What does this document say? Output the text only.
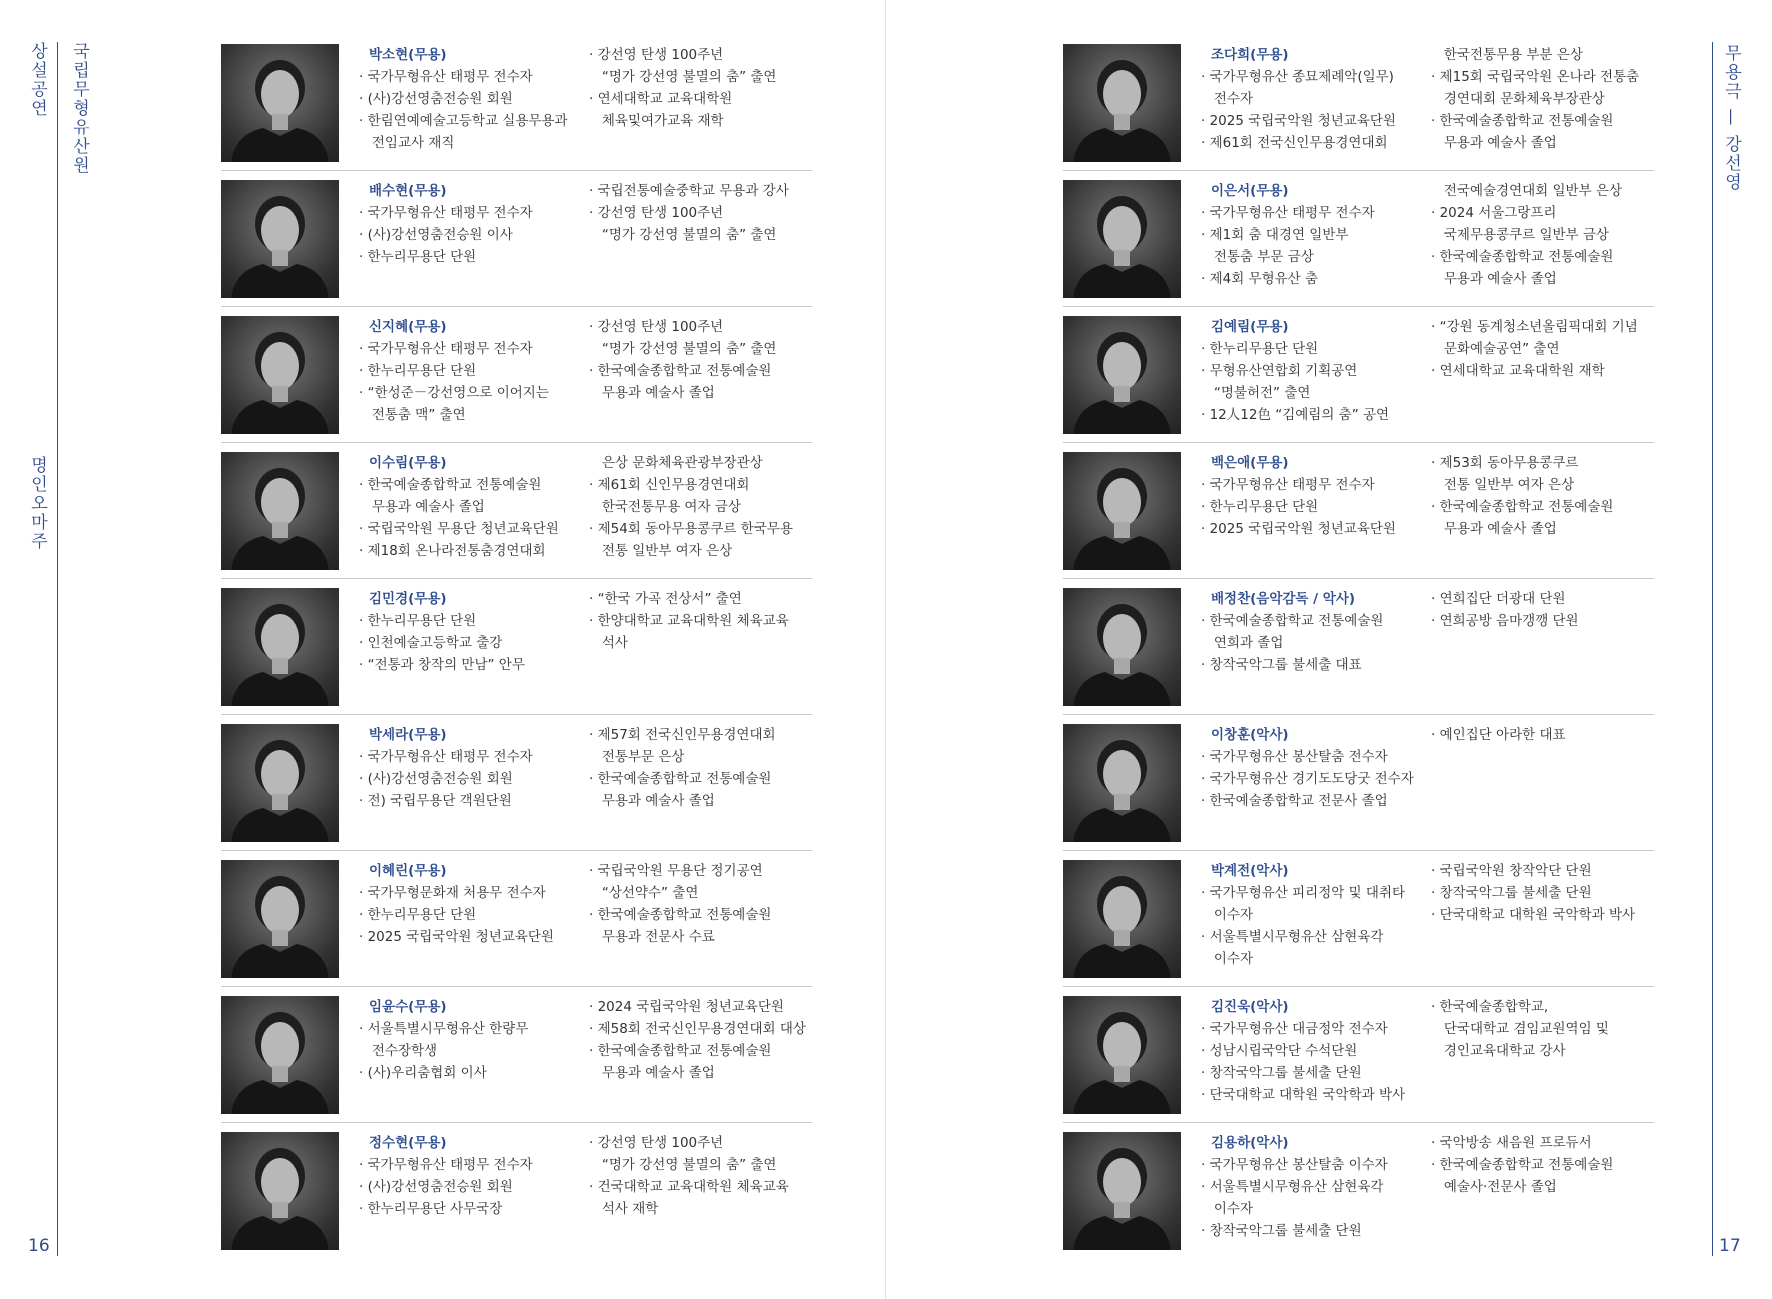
상설공연 국립무형유산원
명인오마주
16
박소현(무용)
· 국가무형유산 태평무 전수자
· (사)강선영춤전승원 회원
· 한림연예예술고등학교 실용무용과
전임교사 재직
· 강선영 탄생 100주년
“명가 강선영 불멸의 춤” 출연
· 연세대학교 교육대학원
체육및여가교육 재학
배수현(무용)
· 국가무형유산 태평무 전수자
· (사)강선영춤전승원 이사
· 한누리무용단 단원
· 국립전통예술중학교 무용과 강사
· 강선영 탄생 100주년
“명가 강선영 불멸의 춤” 출연
신지혜(무용)
· 국가무형유산 태평무 전수자
· 한누리무용단 단원
· “한성준－강선영으로 이어지는
전통춤 맥” 출연
· 강선영 탄생 100주년
“명가 강선영 불멸의 춤” 출연
· 한국예술종합학교 전통예술원
무용과 예술사 졸업
이수림(무용)
· 한국예술종합학교 전통예술원
무용과 예술사 졸업
· 국립국악원 무용단 청년교육단원
· 제18회 온나라전통춤경연대회
은상 문화체육관광부장관상
· 제61회 신인무용경연대회
한국전통무용 여자 금상
· 제54회 동아무용콩쿠르 한국무용
전통 일반부 여자 은상
김민경(무용)
· 한누리무용단 단원
· 인천예술고등학교 출강
· “전통과 창작의 만남” 안무
· “한국 가곡 전상서” 출연
· 한양대학교 교육대학원 체육교육
석사
박세라(무용)
· 국가무형유산 태평무 전수자
· (사)강선영춤전승원 회원
· 전) 국립무용단 객원단원
· 제57회 전국신인무용경연대회
전통부문 은상
· 한국예술종합학교 전통예술원
무용과 예술사 졸업
이혜린(무용)
· 국가무형문화재 처용무 전수자
· 한누리무용단 단원
· 2025 국립국악원 청년교육단원
· 국립국악원 무용단 정기공연
“상선약수” 출연
· 한국예술종합학교 전통예술원
무용과 전문사 수료
임윤수(무용)
· 서울특별시무형유산 한량무
전수장학생
· (사)우리춤협회 이사
· 2024 국립국악원 청년교육단원
· 제58회 전국신인무용경연대회 대상
· 한국예술종합학교 전통예술원
무용과 예술사 졸업
정수현(무용)
· 국가무형유산 태평무 전수자
· (사)강선영춤전승원 회원
· 한누리무용단 사무국장
· 강선영 탄생 100주년
“명가 강선영 불멸의 춤” 출연
· 건국대학교 교육대학원 체육교육
석사 재학
무용극 — 강선영
17
조다희(무용)
· 국가무형유산 종묘제례악(일무)
전수자
· 2025 국립국악원 청년교육단원
· 제61회 전국신인무용경연대회
한국전통무용 부분 은상
· 제15회 국립국악원 온나라 전통춤
경연대회 문화체육부장관상
· 한국예술종합학교 전통예술원
무용과 예술사 졸업
이은서(무용)
· 국가무형유산 태평무 전수자
· 제1회 춤 대경연 일반부
전통춤 부문 금상
· 제4회 무형유산 춤
전국예술경연대회 일반부 은상
· 2024 서울그랑프리
국제무용콩쿠르 일반부 금상
· 한국예술종합학교 전통예술원
무용과 예술사 졸업
김예림(무용)
· 한누리무용단 단원
· 무형유산연합회 기획공연
“명불허전” 출연
· 12人12色 “김예림의 춤” 공연
· “강원 동계청소년올림픽대회 기념
문화예술공연” 출연
· 연세대학교 교육대학원 재학
백은애(무용)
· 국가무형유산 태평무 전수자
· 한누리무용단 단원
· 2025 국립국악원 청년교육단원
· 제53회 동아무용콩쿠르
전통 일반부 여자 은상
· 한국예술종합학교 전통예술원
무용과 예술사 졸업
배정찬(음악감독 / 악사)
· 한국예술종합학교 전통예술원
연희과 졸업
· 창작국악그룹 불세출 대표
· 연희집단 더광대 단원
· 연희공방 음마갱깽 단원
이창훈(악사)
· 국가무형유산 봉산탈춤 전수자
· 국가무형유산 경기도도당굿 전수자
· 한국예술종합학교 전문사 졸업
· 예인집단 아라한 대표
박계전(악사)
· 국가무형유산 피리정악 및 대취타
이수자
· 서울특별시무형유산 삼현육각
이수자
· 국립국악원 창작악단 단원
· 창작국악그룹 불세출 단원
· 단국대학교 대학원 국악학과 박사
김진욱(악사)
· 국가무형유산 대금정악 전수자
· 성남시립국악단 수석단원
· 창작국악그룹 불세출 단원
· 단국대학교 대학원 국악학과 박사
· 한국예술종합학교,
단국대학교 겸임교원역임 및
경인교육대학교 강사
김용하(악사)
· 국가무형유산 봉산탈춤 이수자
· 서울특별시무형유산 삼현육각
이수자
· 창작국악그룹 불세출 단원
· 국악방송 새음원 프로듀서
· 한국예술종합학교 전통예술원
예술사·전문사 졸업
